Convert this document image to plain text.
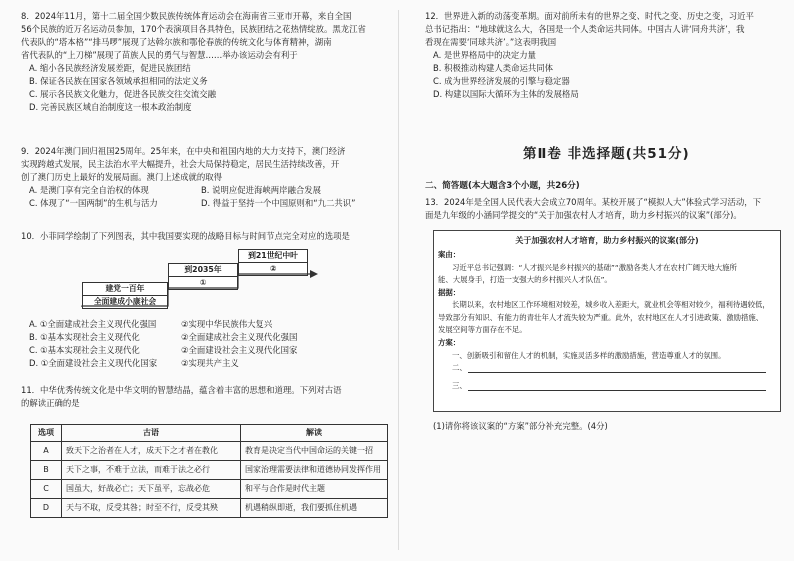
8．2024年11月，第十二届全国少数民族传统体育运动会在海南省三亚市开幕，来自全国
56个民族的近万名运动员参加，170个表演项目各具特色，民族团结之花热情绽放。黑龙江省
代表队的“塔本格”“排马啰”展现了达斡尔族和鄂伦春族的传统文化与体育精神，湖南
省代表队的“上刀梯”展现了苗族人民的勇气与智慧……举办该运动会有利于
A. 缩小各民族经济发展差距，促进民族团结
B. 保证各民族在国家各领域承担相同的法定义务
C. 展示各民族文化魅力，促进各民族交往交流交融
D. 完善民族区域自治制度这一根本政治制度
9．2024年澳门回归祖国25周年。25年来，在中央和祖国内地的大力支持下，澳门经济
实现跨越式发展，民主法治水平大幅提升，社会大局保持稳定，居民生活持续改善，开
创了澳门历史上最好的发展局面。澳门上述成就的取得
A. 是澳门享有完全自治权的体现	B. 说明应促进海峡两岸融合发展
C. 体现了“一国两制”的生机与活力	D. 得益于坚持一个中国原则和“九二共识”
10．小菲同学绘制了下列图表，其中我国要实现的战略目标与时间节点完全对应的选项是
到2035年
①
到21世纪中叶
②
建党一百年
全面建成小康社会
A. ①全面建成社会主义现代化强国	②实现中华民族伟大复兴
B. ①基本实现社会主义现代化	②全面建成社会主义现代化强国
C. ①基本实现社会主义现代化	②全面建设社会主义现代化国家
D. ①全面建设社会主义现代化国家	②实现共产主义
11．中华优秀传统文化是中华文明的智慧结晶，蕴含着丰富的思想和道理。下列对古语
的解读正确的是
选项	古语	解读
A	致天下之治者在人才，成天下之才者在教化	教育是决定当代中国命运的关键一招
B	天下之事，不难于立法，而难于法之必行	国家治理需要法律和道德协同发挥作用
C	国虽大，好战必亡；天下虽平，忘战必危	和平与合作是时代主题
D	天与不取，反受其咎；时至不行，反受其殃	机遇稍纵即逝，我们要抓住机遇
12．世界进入新的动荡变革期。面对前所未有的世界之变、时代之变、历史之变，习近平
总书记指出：“地球就这么大，各国是一个人类命运共同体。中国古人讲‘同舟共济’，我
看现在需要‘同球共济’。”这表明我国
A. 是世界格局中的决定力量
B. 积极推动构建人类命运共同体
C. 成为世界经济发展的引擎与稳定器
D. 构建以国际大循环为主体的发展格局
第Ⅱ卷 非选择题(共51分)
二、简答题(本大题含3个小题，共26分)
13．2024年是全国人民代表大会成立70周年。某校开展了“模拟人大”体验式学习活动，下
面是九年级的小涵同学提交的“关于加强农村人才培育，助力乡村振兴的议案”(部分)。
关于加强农村人才培育，助力乡村振兴的议案(部分)
案由：
习近平总书记强调：“人才振兴是乡村振兴的基础”“激励各类人才在农村广阔天地大施所
能、大展身手，打造一支强大的乡村振兴人才队伍”。
据据：
长期以来，农村地区工作环境相对较差，城乡收入差距大，就业机会等相对较少，福利待遇较低，
导致部分有知识、有能力的青壮年人才流失较为严重。此外，农村地区在人才引进政策、激励措施、
发展空间等方面存在不足。
方案：
一、创新吸引和留住人才的机制，实施灵活多样的激励措施，营造尊重人才的氛围。
二、
三、
(1)请你将该议案的“方案”部分补充完整。(4分)
